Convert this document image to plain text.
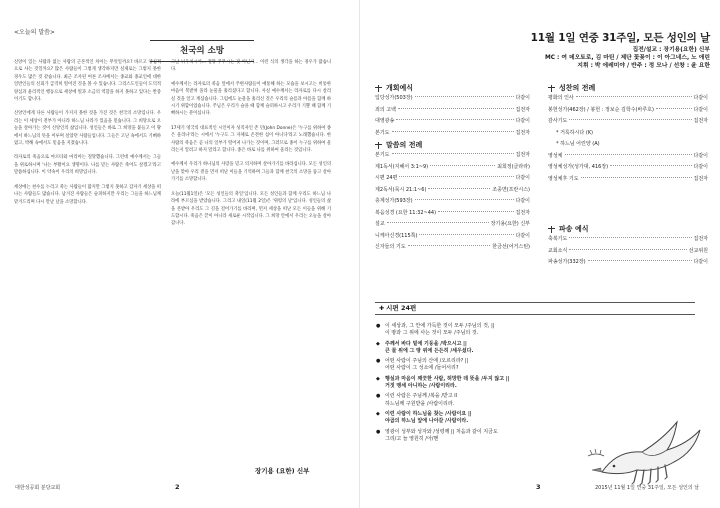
<오늘의 말씀>
천국의 소망

신앙이 있는 사람과 없는 사람의 근본적인 차이는 무엇일까요? 바르고 양심적으로 사는 것일까요? 많은 사람들이 그렇게 생각하지만 실제로는 그렇지 못한 경우도 많은 것 같습니다. 최근 조사된 여론 조사에서는 종교와 종교인에 대한 일반인들의 신뢰가 급격히 떨어진 것을 볼 수 있습니다. 그리스도인들이 도덕적 양심과 윤리적인 행동으로 세상에 빛과 소금의 역할을 하지 못하고 있다는 반증이기도 합니다.

신앙인에게 다른 사람들이 가지지 못한 것을 가진 것은 천국의 소망입니다. 우리는 이 세상이 전부가 아니라 하느님 나라가 있음을 믿습니다. 그 희망으로 오늘을 살아가는 것이 신앙인의 삶입니다. 성인들은 바로 그 희망을 붙들고 이 땅에서 하느님의 뜻을 이루며 살았던 사람들입니다. 그들은 고난 속에서도 기뻐하였고, 박해 속에서도 믿음을 지켰습니다.

라자로의 죽음으로 마르타와 마리아는 절망했습니다. 그런데 예수께서는 그들을 위로하시며 '나는 부활이요 생명이다. 나를 믿는 사람은 죽어도 살겠고'라고 말씀하십니다. 이 약속이 우리의 희망입니다.

세상에는 천수를 누리고 죽는 사람들이 많지만 그렇지 못하고 갑자기 세상을 떠나는 사람들도 많습니다. 남겨진 사람들은 슬퍼하지만 우리는 그들을 하느님께 맡겨드리며 다시 만날 날을 소망합니다.

그날 뉘우치시어... 절망 주무시는 것 아닌가... 이런 식의 생각을 하는 경우가 많습니다.

예수께서는 라자로의 죽음 앞에서 주변사람들이 애통해 하는 모습을 보시고는 비통한 마음이 복받쳐 올라 눈물을 흘리셨다고 합니다. 사실 예수께서는 라자로를 다시 살리실 것을 알고 계셨습니다. 그럼에도 눈물을 흘리신 것은 우리의 슬픔과 아픔을 함께 하시기 위함이었습니다. 주님은 우리가 슬플 때 함께 슬퍼하시고 우리가 기쁠 때 함께 기뻐하시는 분이십니다.

17세기 영국의 대표적인 시인이자 성직자인 존 던(John Donne)은 '누구를 위하여 종은 울리나'라는 시에서 '누구도 그 자체로 온전한 섬이 아니다'라고 노래했습니다. 한 사람의 죽음은 곧 나의 일부가 떨어져 나가는 것이며, 그러므로 종이 누구를 위하여 울리는지 알려고 하지 말라고 합니다. 종은 바로 나를 위하여 울리는 것입니다.

예수께서 우리가 하나님의 사랑을 믿고 의지하며 살아가기를 바라십니다. 모든 성인의 날을 맞아 우리 곁을 먼저 떠난 이들을 기억하며 그들과 함께 천국의 소망을 품고 살아가기를 소망합니다.

오늘(11월1일)은 '모든 성인들의 축일'입니다. 모든 성인들과 함께 우리도 하느님 나라에 부르심을 받았습니다. 그리고 내일(11월 2일)은 '위령의 날'입니다. 성인들의 삶을 본받아 우리도 그 길을 걸어가기를 바라며, 먼저 세상을 떠난 모든 이들을 위해 기도합시다. 죽음은 끝이 아니라 새로운 시작입니다. 그 희망 안에서 우리는 오늘을 살아갑니다.

장기용 (요한) 신부
대한성공회 분당교회	2
11월 1일 연중 31주일, 모든 성인의 날
집전/설교 : 장기용(요한) 신부
MC : 여 데오토로, 김 마틴 / 제단 꽃꽂이 : 이 아그네스, 노 애린
지휘 : 박 에레미야 / 반주 : 정 모나 / 선창 : 윤 요한
개회예식
입당성가(503장)	다같이
죄의 고백	집전자
대영광송	다같이
본기도	집전자
말씀의 전례
본기도	집전자
제1독서(지혜서 3:1~9)	최희정(글라라)
시편 24편	다같이
제2독서(묵시 21:1~6)	조종면(프란시스)
층계성가(593장)	다같이
복음성경 (요한 11:32~44)	집전자
설교	장기용(요한) 신부
니케아신경(115쪽)	다같이
신자들의 기도	한금선(어거스틴)
성찬의 전례
평화의 인사	다같이
봉헌성가(462장) / 봉헌 : 정보순 김학수(바루호)	다같이
감사기도	집전자
* 거룩하시다 (K)
* 하느님 어린양 (A)
영성체	다같이
영성체성가(성가대, 416장)	다같이
영성체후 기도	집전자
파송 예식
축복기도	집전자
교회소식	선교위원
파송성가(332장)	다같이
✚ 시편 24편
● 이 세상과, 그 안에 가득한 것이 모두 /주님의 것, ||
이 땅과 그 위에 사는 것이 모두 /주님의 것.
◆ 주께서 바다 밑에 기둥을 /박으시고 ||
큰 물 위에 그 땅 위에 든든히 /세우셨다.
● 어떤 사람이 주님의 산에 /오르리라? ||
어떤 사람이 그 성소에 /들어서리?
◆ 행실과 마음이 깨끗한 사람, 허망한 데 뜻을 /두지 않고 ||
거짓 맹세 아니하는 /사람이리라.
● 이런 사람은 주님께 /복을 /받고 ll
하느님께 구원받을 /사람이리라.
◆ 이런 사람이 하느님을 찾는 /사람이요 ||
야곱의 하느님 앞에 나아갈 /사람이라.
● 영광이 성부와 성자와 /성령께 || 처음과 같이 지금도
그리/고 늘 영원히 /아/멘
2015년 11월 1일 연중 31주일, 모든 성인의 날
3
